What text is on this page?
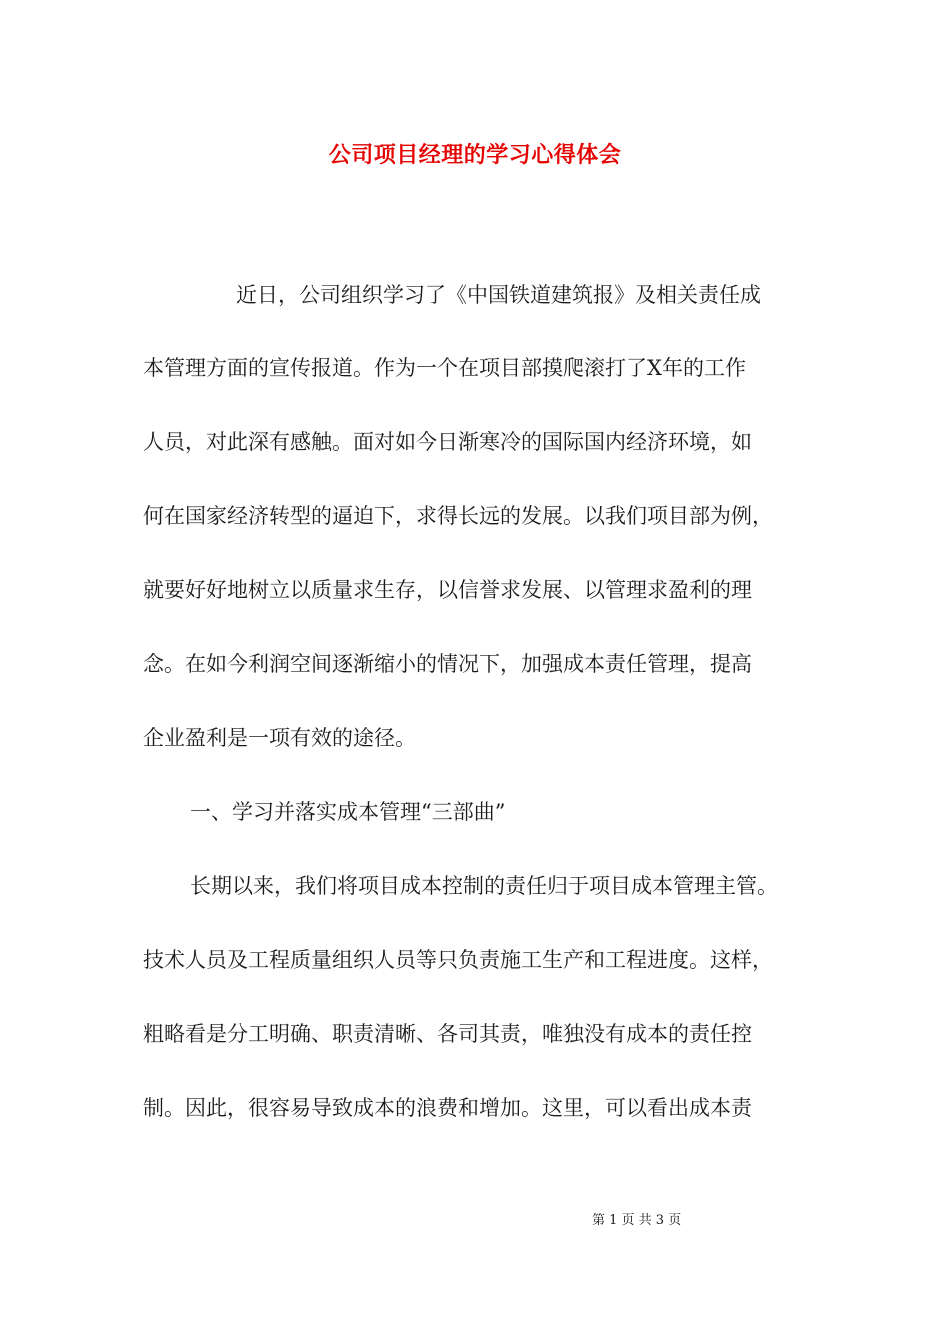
公司项目经理的学习心得体会
近日，公司组织学习了《中国铁道建筑报》及相关责任成
本管理方面的宣传报道。作为一个在项目部摸爬滚打了X年的工作
人员，对此深有感触。面对如今日渐寒冷的国际国内经济环境，如
何在国家经济转型的逼迫下，求得长远的发展。以我们项目部为例，
就要好好地树立以质量求生存，以信誉求发展、以管理求盈利的理
念。在如今利润空间逐渐缩小的情况下，加强成本责任管理，提高
企业盈利是一项有效的途径。
一、学习并落实成本管理“三部曲”
长期以来，我们将项目成本控制的责任归于项目成本管理主管。
技术人员及工程质量组织人员等只负责施工生产和工程进度。这样，
粗略看是分工明确、职责清晰、各司其责，唯独没有成本的责任控
制。因此，很容易导致成本的浪费和增加。这里，可以看出成本责
第 1 页 共 3 页
